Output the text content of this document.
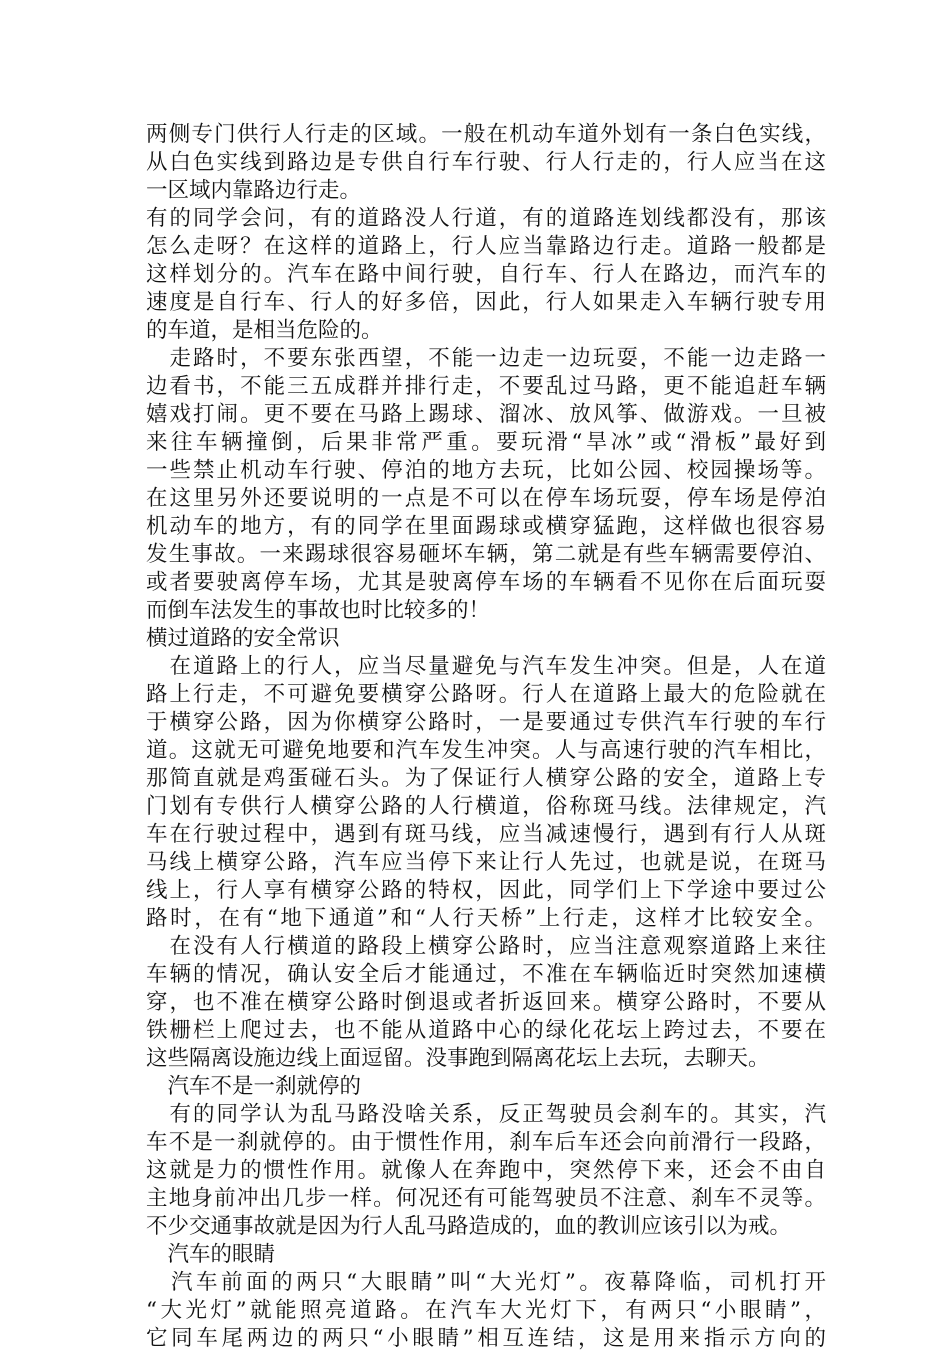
两侧专门供行人行走的区域。一般在机动车道外划有一条白色实线，
从白色实线到路边是专供自行车行驶、行人行走的，行人应当在这
一区域内靠路边行走。
有的同学会问，有的道路没人行道，有的道路连划线都没有，那该
怎么走呀？在这样的道路上，行人应当靠路边行走。道路一般都是
这样划分的。汽车在路中间行驶，自行车、行人在路边，而汽车的
速度是自行车、行人的好多倍，因此，行人如果走入车辆行驶专用
的车道，是相当危险的。
　走路时，不要东张西望，不能一边走一边玩耍，不能一边走路一
边看书，不能三五成群并排行走，不要乱过马路，更不能追赶车辆
嬉戏打闹。更不要在马路上踢球、溜冰、放风筝、做游戏。一旦被
来往车辆撞倒，后果非常严重。要玩滑“旱冰”或“滑板”最好到
一些禁止机动车行驶、停泊的地方去玩，比如公园、校园操场等。
在这里另外还要说明的一点是不可以在停车场玩耍，停车场是停泊
机动车的地方，有的同学在里面踢球或横穿猛跑，这样做也很容易
发生事故。一来踢球很容易砸坏车辆，第二就是有些车辆需要停泊、
或者要驶离停车场，尤其是驶离停车场的车辆看不见你在后面玩耍
而倒车法发生的事故也时比较多的！
横过道路的安全常识
　在道路上的行人，应当尽量避免与汽车发生冲突。但是，人在道
路上行走，不可避免要横穿公路呀。行人在道路上最大的危险就在
于横穿公路，因为你横穿公路时，一是要通过专供汽车行驶的车行
道。这就无可避免地要和汽车发生冲突。人与高速行驶的汽车相比，
那简直就是鸡蛋碰石头。为了保证行人横穿公路的安全，道路上专
门划有专供行人横穿公路的人行横道，俗称斑马线。法律规定，汽
车在行驶过程中，遇到有斑马线，应当减速慢行，遇到有行人从斑
马线上横穿公路，汽车应当停下来让行人先过，也就是说，在斑马
线上，行人享有横穿公路的特权，因此，同学们上下学途中要过公
路时，在有“地下通道”和“人行天桥”上行走，这样才比较安全。
　在没有人行横道的路段上横穿公路时，应当注意观察道路上来往
车辆的情况，确认安全后才能通过，不准在车辆临近时突然加速横
穿，也不准在横穿公路时倒退或者折返回来。横穿公路时，不要从
铁栅栏上爬过去，也不能从道路中心的绿化花坛上跨过去，不要在
这些隔离设施边线上面逗留。没事跑到隔离花坛上去玩，去聊天。
　汽车不是一刹就停的
　有的同学认为乱马路没啥关系，反正驾驶员会刹车的。其实，汽
车不是一刹就停的。由于惯性作用，刹车后车还会向前滑行一段路，
这就是力的惯性作用。就像人在奔跑中，突然停下来，还会不由自
主地身前冲出几步一样。何况还有可能驾驶员不注意、刹车不灵等。
不少交通事故就是因为行人乱马路造成的，血的教训应该引以为戒。
　汽车的眼睛
　汽车前面的两只“大眼睛”叫“大光灯”。夜幕降临，司机打开
“大光灯”就能照亮道路。在汽车大光灯下，有两只“小眼睛”，
它同车尾两边的两只“小眼睛”相互连结，这是用来指示方向的
